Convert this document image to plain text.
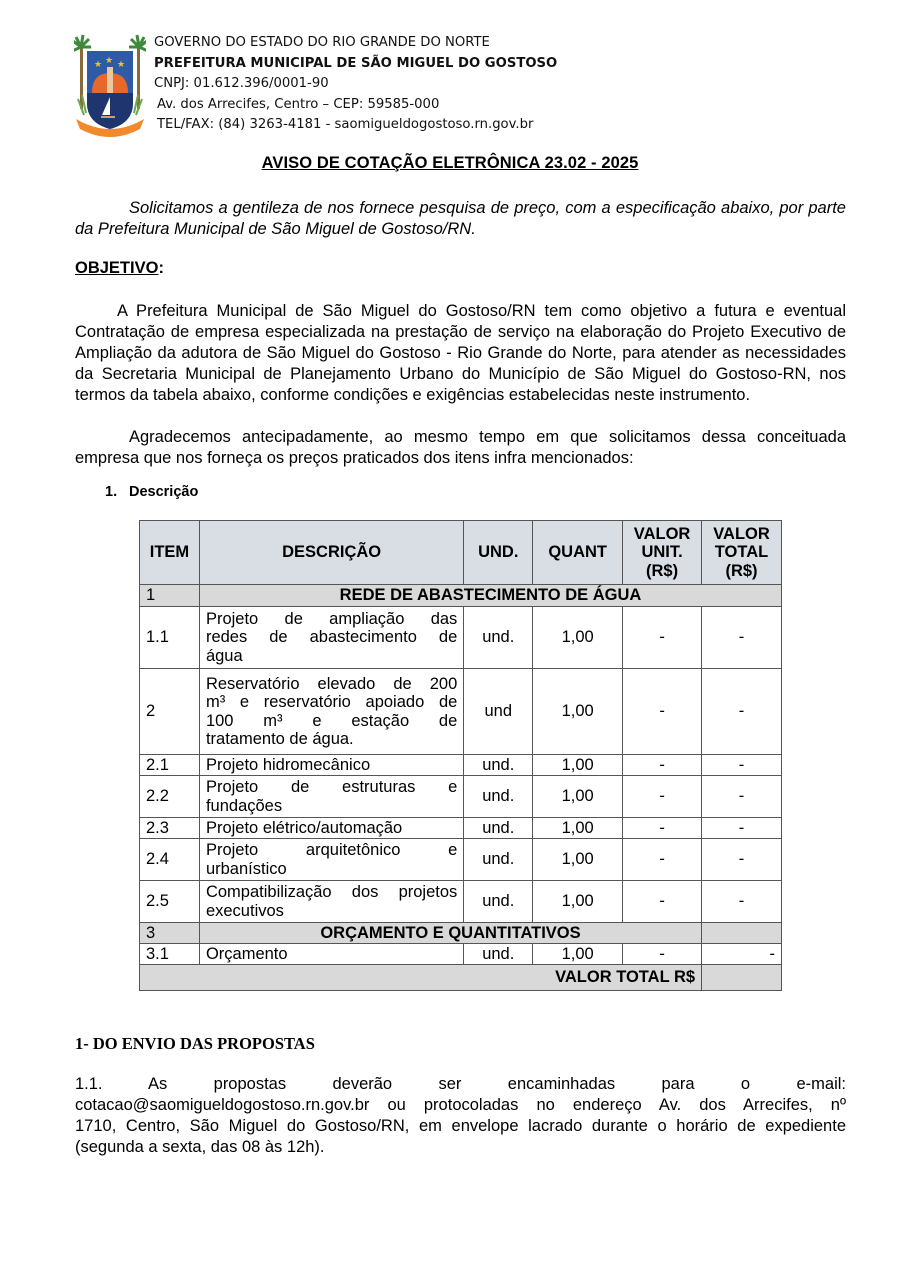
★ ★ ★
GOVERNO DO ESTADO DO RIO GRANDE DO NORTE
PREFEITURA MUNICIPAL DE SÃO MIGUEL DO GOSTOSO
CNPJ: 01.612.396/0001-90
Av. dos Arrecifes, Centro – CEP: 59585-000
TEL/FAX: (84) 3263-4181 - saomigueldogostoso.rn.gov.br
AVISO DE COTAÇÃO ELETRÔNICA 23.02 - 2025
Solicitamos a gentileza de nos fornece pesquisa de preço, com a especificação abaixo, por parte da Prefeitura Municipal de São Miguel de Gostoso/RN.
OBJETIVO:
A Prefeitura Municipal de São Miguel do Gostoso/RN tem como objetivo a futura e eventual Contratação de empresa especializada na prestação de serviço na elaboração do Projeto Executivo de Ampliação da adutora de São Miguel do Gostoso - Rio Grande do Norte, para atender as necessidades da Secretaria Municipal de Planejamento Urbano do Município de São Miguel do Gostoso-RN, nos termos da tabela abaixo, conforme condições e exigências estabelecidas neste instrumento.
Agradecemos antecipadamente, ao mesmo tempo em que solicitamos dessa conceituada empresa que nos forneça os preços praticados dos itens infra mencionados:
1. Descrição
ITEM	DESCRIÇÃO	UND.	QUANT	VALOR
UNIT.
(R$)	VALOR
TOTAL
(R$)

1	REDE DE ABASTECIMENTO DE ÁGUA				
1.1	Projeto de ampliação das
redes de abastecimento de
água	und.	1,00	-	-
2	Reservatório elevado de 200
m³ e reservatório apoiado de
100 m³ e estação de
tratamento de água.	und	1,00	-	-
2.1	Projeto hidromecânico	und.	1,00	-	-
2.2	Projeto de estruturas e
fundações	und.	1,00	-	-
2.3	Projeto elétrico/automação	und.	1,00	-	-
2.4	Projeto arquitetônico e
urbanístico	und.	1,00	-	-
2.5	Compatibilização dos projetos
executivos	und.	1,00	-	-
3	ORÇAMENTO E QUANTITATIVOS				
3.1	Orçamento	und.	1,00	-	-
VALOR TOTAL R$					
1- DO ENVIO DAS PROPOSTAS
1.1. As propostas deverão ser encaminhadas para o e-mail:
cotacao@saomigueldogostoso.rn.gov.br ou protocoladas no endereço Av. dos Arrecifes, nº
1710, Centro, São Miguel do Gostoso/RN, em envelope lacrado durante o horário de expediente
(segunda a sexta, das 08 às 12h).
